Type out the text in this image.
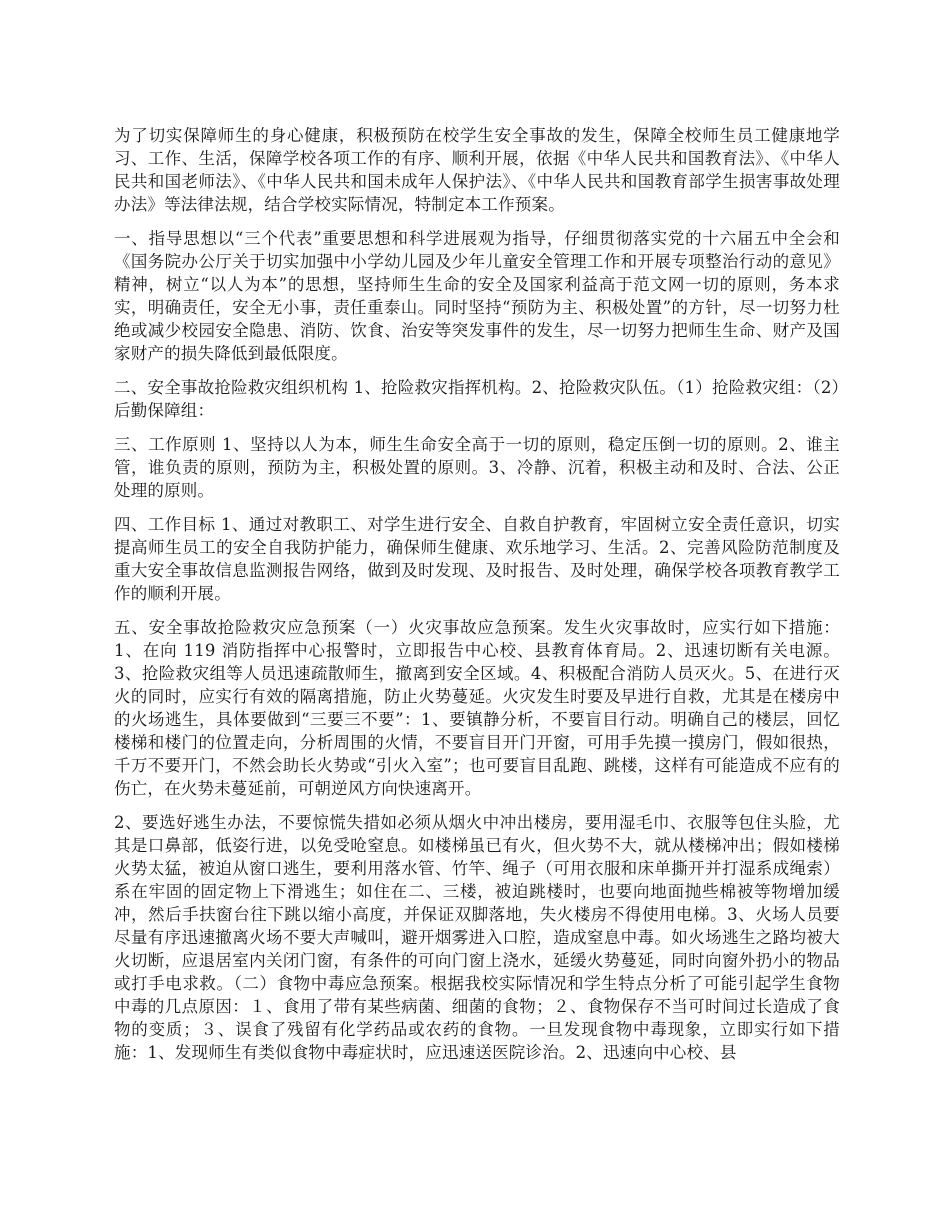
为了切实保障师生的身心健康，积极预防在校学生安全事故的发生，保障全校师生员工健康地学习、工作、生活，保障学校各项工作的有序、顺利开展，依据《中华人民共和国教育法》、《中华人民共和国老师法》、《中华人民共和国未成年人保护法》、《中华人民共和国教育部学生损害事故处理办法》等法律法规，结合学校实际情况，特制定本工作预案。

一、指导思想以“三个代表”重要思想和科学进展观为指导，仔细贯彻落实党的十六届五中全会和《国务院办公厅关于切实加强中小学幼儿园及少年儿童安全管理工作和开展专项整治行动的意见》精神，树立“以人为本”的思想，坚持师生生命的安全及国家利益高于范文网一切的原则，务本求实，明确责任，安全无小事，责任重泰山。同时坚持“预防为主、积极处置”的方针，尽一切努力杜绝或减少校园安全隐患、消防、饮食、治安等突发事件的发生，尽一切努力把师生生命、财产及国家财产的损失降低到最低限度。

二、安全事故抢险救灾组织机构 1、抢险救灾指挥机构。2、抢险救灾队伍。（1）抢险救灾组：（2）后勤保障组：

三、工作原则 1、坚持以人为本，师生生命安全高于一切的原则，稳定压倒一切的原则。2、谁主管，谁负责的原则，预防为主，积极处置的原则。3、冷静、沉着，积极主动和及时、合法、公正处理的原则。

四、工作目标 1、通过对教职工、对学生进行安全、自救自护教育，牢固树立安全责任意识，切实提高师生员工的安全自我防护能力，确保师生健康、欢乐地学习、生活。2、完善风险防范制度及重大安全事故信息监测报告网络，做到及时发现、及时报告、及时处理，确保学校各项教育教学工作的顺利开展。

五、安全事故抢险救灾应急预案（一）火灾事故应急预案。发生火灾事故时，应实行如下措施：1、在向 119 消防指挥中心报警时，立即报告中心校、县教育体育局。2、迅速切断有关电源。3、抢险救灾组等人员迅速疏散师生，撤离到安全区域。4、积极配合消防人员灭火。5、在进行灭火的同时，应实行有效的隔离措施，防止火势蔓延。火灾发生时要及早进行自救，尤其是在楼房中的火场逃生，具体要做到“三要三不要”：1、要镇静分析，不要盲目行动。明确自己的楼层，回忆楼梯和楼门的位置走向，分析周围的火情，不要盲目开门开窗，可用手先摸一摸房门，假如很热，千万不要开门，不然会助长火势或“引火入室”；也可要盲目乱跑、跳楼，这样有可能造成不应有的伤亡，在火势未蔓延前，可朝逆风方向快速离开。

2、要选好逃生办法，不要惊慌失措如必须从烟火中冲出楼房，要用湿毛巾、衣服等包住头脸，尤其是口鼻部，低姿行进，以免受呛窒息。如楼梯虽已有火，但火势不大，就从楼梯冲出；假如楼梯火势太猛，被迫从窗口逃生，要利用落水管、竹竿、绳子（可用衣服和床单撕开并打湿系成绳索）系在牢固的固定物上下滑逃生；如住在二、三楼，被迫跳楼时，也要向地面抛些棉被等物增加缓冲，然后手扶窗台往下跳以缩小高度，并保证双脚落地，失火楼房不得使用电梯。3、火场人员要尽量有序迅速撤离火场不要大声喊叫，避开烟雾进入口腔，造成窒息中毒。如火场逃生之路均被大火切断，应退居室内关闭门窗，有条件的可向门窗上浇水，延缓火势蔓延，同时向窗外扔小的物品或打手电求救。（二）食物中毒应急预案。根据我校实际情况和学生特点分析了可能引起学生食物中毒的几点原因：１、食用了带有某些病菌、细菌的食物；２、食物保存不当可时间过长造成了食物的变质；３、误食了残留有化学药品或农药的食物。一旦发现食物中毒现象，立即实行如下措施：1、发现师生有类似食物中毒症状时，应迅速送医院诊治。2、迅速向中心校、县
